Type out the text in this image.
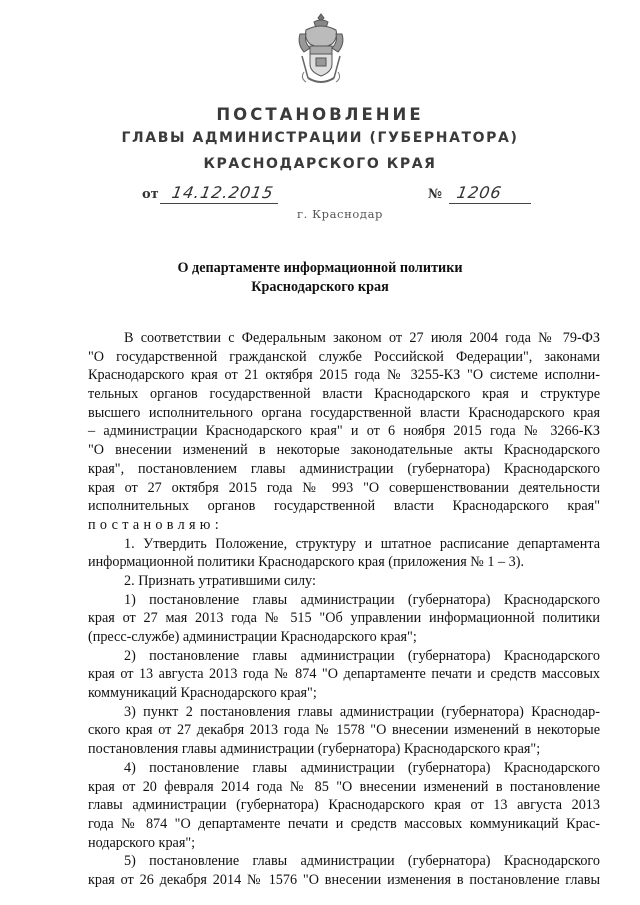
ПОСТАНОВЛЕНИЕ
ГЛАВЫ АДМИНИСТРАЦИИ (ГУБЕРНАТОРА)
КРАСНОДАРСКОГО КРАЯ
от 14.12.2015	№ 1206
г. Краснодар
О департаменте информационной политики
Краснодарского края
В соответствии с Федеральным законом от 27 июля 2004 года № 79-ФЗ
"О государственной гражданской службе Российской Федерации", законами
Краснодарского края от 21 октября 2015 года № 3255-КЗ "О системе исполни-
тельных органов государственной власти Краснодарского края и структуре
высшего исполнительного органа государственной власти Краснодарского края
– администрации Краснодарского края" и от 6 ноября 2015 года № 3266-КЗ
"О внесении изменений в некоторые законодательные акты Краснодарского
края", постановлением главы администрации (губернатора) Краснодарского
края от 27 октября 2015 года № 993 "О совершенствовании деятельности
исполнительных органов государственной власти Краснодарского края"
постановляю:
1. Утвердить Положение, структуру и штатное расписание департамента
информационной политики Краснодарского края (приложения № 1 – 3).
2. Признать утратившими силу:
1) постановление главы администрации (губернатора) Краснодарского
края от 27 мая 2013 года № 515 "Об управлении информационной политики
(пресс-службе) администрации Краснодарского края";
2) постановление главы администрации (губернатора) Краснодарского
края от 13 августа 2013 года № 874 "О департаменте печати и средств массовых
коммуникаций Краснодарского края";
3) пункт 2 постановления главы администрации (губернатора) Краснодар-
ского края от 27 декабря 2013 года № 1578 "О внесении изменений в некоторые
постановления главы администрации (губернатора) Краснодарского края";
4) постановление главы администрации (губернатора) Краснодарского
края от 20 февраля 2014 года № 85 "О внесении изменений в постановление
главы администрации (губернатора) Краснодарского края от 13 августа 2013
года № 874 "О департаменте печати и средств массовых коммуникаций Крас-
нодарского края";
5) постановление главы администрации (губернатора) Краснодарского
края от 26 декабря 2014 № 1576 "О внесении изменения в постановление главы
